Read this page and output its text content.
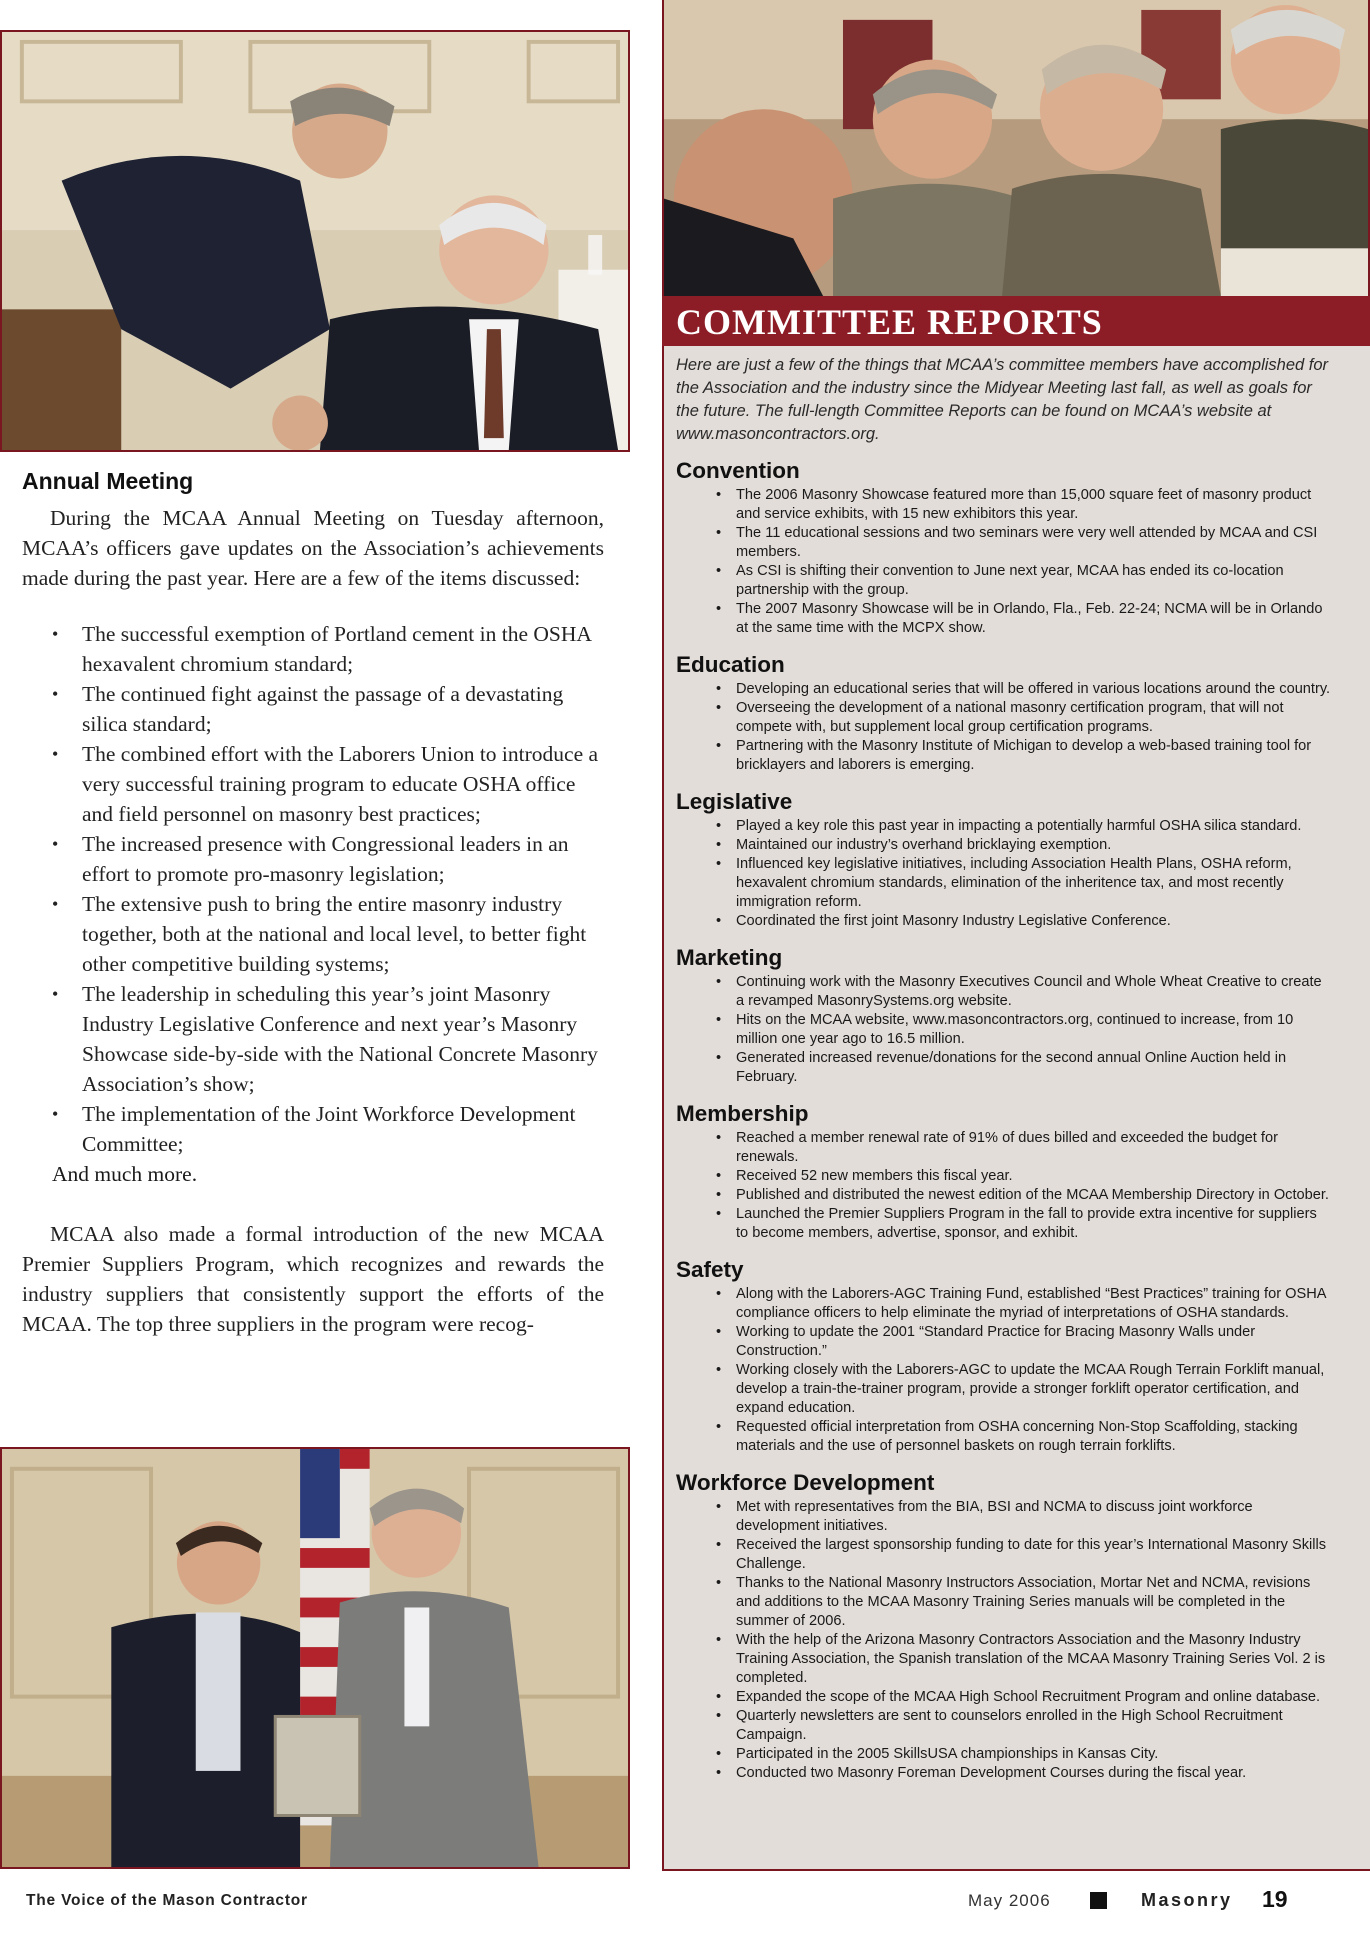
Annual Meeting

During the MCAA Annual Meeting on Tuesday afternoon, MCAA’s officers gave updates on the Association’s achievements made during the past year. Here are a few of the items discussed:

• The successful exemption of Portland cement in the OSHA hexavalent chromium standard;
• The continued fight against the passage of a devastating silica standard;
• The combined effort with the Laborers Union to introduce a very successful training program to educate OSHA office and field personnel on masonry best practices;
• The increased presence with Congressional leaders in an effort to promote pro-masonry legislation;
• The extensive push to bring the entire masonry industry together, both at the national and local level, to better fight other competitive building systems;
• The leadership in scheduling this year’s joint Masonry Industry Legislative Conference and next year’s Masonry Showcase side-by-side with the National Concrete Masonry Association’s show;
• The implementation of the Joint Workforce Development Committee;
And much more.

MCAA also made a formal introduction of the new MCAA Premier Suppliers Program, which recognizes and rewards the industry suppliers that consistently support the efforts of the MCAA. The top three suppliers in the program were recog-

COMMITTEE REPORTS

Here are just a few of the things that MCAA’s committee members have accomplished for the Association and the industry since the Midyear Meeting last fall, as well as goals for the future. The full-length Committee Reports can be found on MCAA’s website at www.masoncontractors.org.

Convention
• The 2006 Masonry Showcase featured more than 15,000 square feet of masonry product and service exhibits, with 15 new exhibitors this year.
• The 11 educational sessions and two seminars were very well attended by MCAA and CSI members.
• As CSI is shifting their convention to June next year, MCAA has ended its co-location partnership with the group.
• The 2007 Masonry Showcase will be in Orlando, Fla., Feb. 22-24; NCMA will be in Orlando at the same time with the MCPX show.
Education
• Developing an educational series that will be offered in various locations around the country.
• Overseeing the development of a national masonry certification program, that will not compete with, but supplement local group certification programs.
• Partnering with the Masonry Institute of Michigan to develop a web-based training tool for bricklayers and laborers is emerging.
Legislative
• Played a key role this past year in impacting a potentially harmful OSHA silica standard.
• Maintained our industry’s overhand bricklaying exemption.
• Influenced key legislative initiatives, including Association Health Plans, OSHA reform, hexavalent chromium standards, elimination of the inheritence tax, and most recently immigration reform.
• Coordinated the first joint Masonry Industry Legislative Conference.
Marketing
• Continuing work with the Masonry Executives Council and Whole Wheat Creative to create a revamped MasonrySystems.org website.
• Hits on the MCAA website, www.masoncontractors.org, continued to increase, from 10 million one year ago to 16.5 million.
• Generated increased revenue/donations for the second annual Online Auction held in February.
Membership
• Reached a member renewal rate of 91% of dues billed and exceeded the budget for renewals.
• Received 52 new members this fiscal year.
• Published and distributed the newest edition of the MCAA Membership Directory in October.
• Launched the Premier Suppliers Program in the fall to provide extra incentive for suppliers to become members, advertise, sponsor, and exhibit.
Safety
• Along with the Laborers-AGC Training Fund, established “Best Practices” training for OSHA compliance officers to help eliminate the myriad of interpretations of OSHA standards.
• Working to update the 2001 “Standard Practice for Bracing Masonry Walls under Construction.”
• Working closely with the Laborers-AGC to update the MCAA Rough Terrain Forklift manual, develop a train-the-trainer program, provide a stronger forklift operator certification, and expand education.
• Requested official interpretation from OSHA concerning Non-Stop Scaffolding, stacking materials and the use of personnel baskets on rough terrain forklifts.
Workforce Development
• Met with representatives from the BIA, BSI and NCMA to discuss joint workforce development initiatives.
• Received the largest sponsorship funding to date for this year’s International Masonry Skills Challenge.
• Thanks to the National Masonry Instructors Association, Mortar Net and NCMA, revisions and additions to the MCAA Masonry Training Series manuals will be completed in the summer of 2006.
• With the help of the Arizona Masonry Contractors Association and the Masonry Industry Training Association, the Spanish translation of the MCAA Masonry Training Series Vol. 2 is completed.
• Expanded the scope of the MCAA High School Recruitment Program and online database.
• Quarterly newsletters are sent to counselors enrolled in the High School Recruitment Campaign.
• Participated in the 2005 SkillsUSA championships in Kansas City.
• Conducted two Masonry Foreman Development Courses during the fiscal year.
The Voice of the Mason Contractor	May 2006	Masonry 19
